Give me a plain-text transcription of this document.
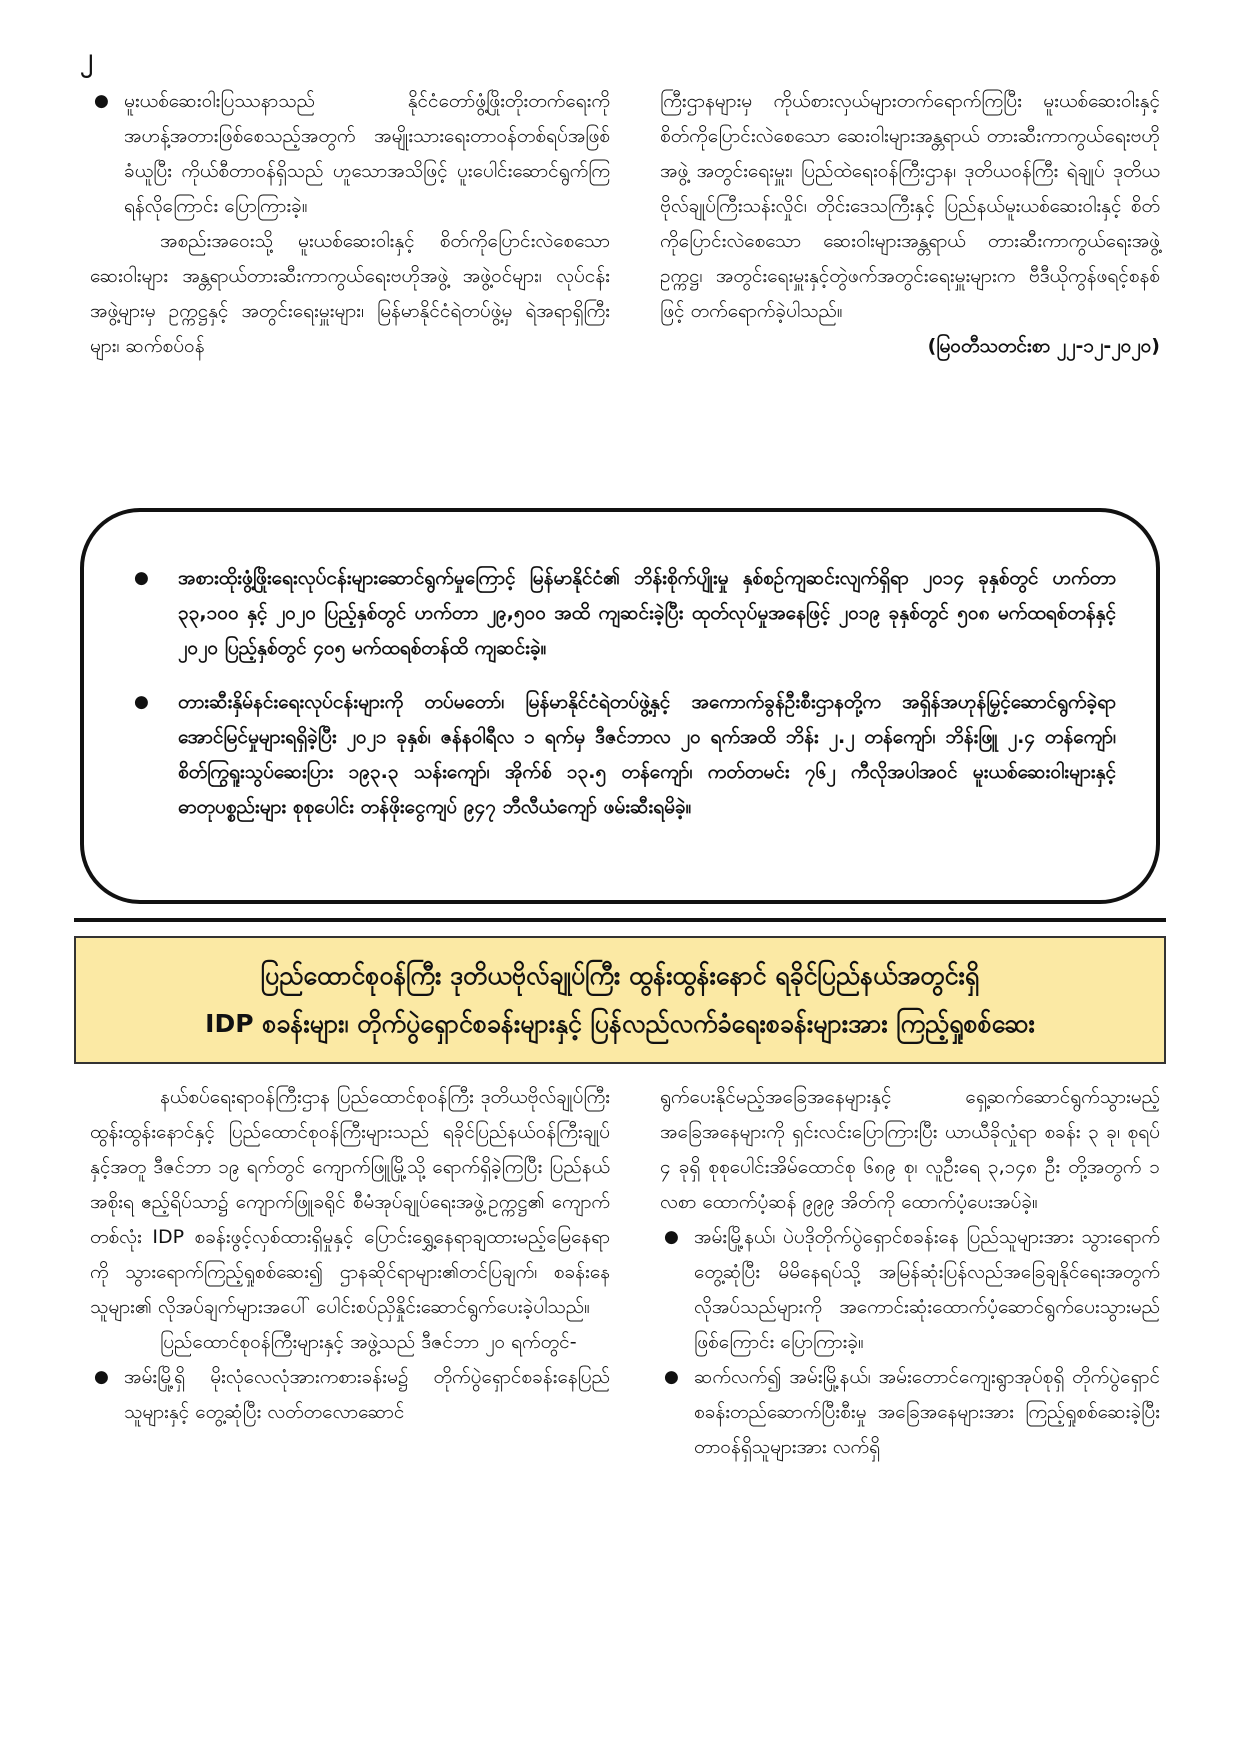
၂

● မူးယစ်ဆေးဝါးပြဿနာသည် နိုင်ငံတော်ဖွံ့ဖြိုးတိုးတက်ရေးကို အဟန့်အတားဖြစ်စေသည့်အတွက် အမျိုးသားရေးတာဝန်တစ်ရပ်အဖြစ်ခံယူပြီး ကိုယ်စီတာဝန်ရှိသည် ဟူသောအသိဖြင့် ပူးပေါင်းဆောင်ရွက်ကြရန်လိုကြောင်း ပြောကြားခဲ့။

အစည်းအဝေးသို့ မူးယစ်ဆေးဝါးနှင့် စိတ်ကိုပြောင်းလဲစေသောဆေးဝါးများ အန္တရာယ်တားဆီးကာကွယ်ရေးဗဟိုအဖွဲ့ အဖွဲ့ဝင်များ၊ လုပ်ငန်းအဖွဲ့များမှ ဥက္ကဋ္ဌနှင့် အတွင်းရေးမှူးများ၊ မြန်မာနိုင်ငံရဲတပ်ဖွဲ့မှ ရဲအရာရှိကြီးများ၊ ဆက်စပ်ဝန်

ကြီးဌာနများမှ ကိုယ်စားလှယ်များတက်ရောက်ကြပြီး မူးယစ်ဆေးဝါးနှင့် စိတ်ကိုပြောင်းလဲစေသော ဆေးဝါးများအန္တရာယ် တားဆီးကာကွယ်ရေးဗဟိုအဖွဲ့ အတွင်းရေးမှူး၊ ပြည်ထဲရေးဝန်ကြီးဌာန၊ ဒုတိယဝန်ကြီး ရဲချုပ် ဒုတိယဗိုလ်ချုပ်ကြီးသန်းလှိုင်၊ တိုင်းဒေသကြီးနှင့် ပြည်နယ်မူးယစ်ဆေးဝါးနှင့် စိတ်ကိုပြောင်းလဲစေသော ဆေးဝါးများအန္တရာယ် တားဆီးကာကွယ်ရေးအဖွဲ့ ဥက္ကဋ္ဌ၊ အတွင်းရေးမှူးနှင့်တွဲဖက်အတွင်းရေးမှူးများက ဗီဒီယိုကွန်ဖရင့်စနစ်ဖြင့် တက်ရောက်ခဲ့ပါသည်။

(မြဝတီသတင်းစာ ၂၂-၁၂-၂၀၂၀)

● အစားထိုးဖွံ့ဖြိုးရေးလုပ်ငန်းများဆောင်ရွက်မှုကြောင့် မြန်မာနိုင်ငံ၏ ဘိန်းစိုက်ပျိုးမှု နှစ်စဉ်ကျဆင်းလျက်ရှိရာ ၂၀၁၄ ခုနှစ်တွင် ဟက်တာ ၃၃,၁၀၀ နှင့် ၂၀၂၀ ပြည့်နှစ်တွင် ဟက်တာ ၂၉,၅၀၀ အထိ ကျဆင်းခဲ့ပြီး ထုတ်လုပ်မှုအနေဖြင့် ၂၀၁၉ ခုနှစ်တွင် ၅၀၈ မက်ထရစ်တန်နှင့် ၂၀၂၀ ပြည့်နှစ်တွင် ၄၀၅ မက်ထရစ်တန်ထိ ကျဆင်းခဲ့။

● တားဆီးနှိမ်နင်းရေးလုပ်ငန်းများကို တပ်မတော်၊ မြန်မာနိုင်ငံရဲတပ်ဖွဲ့နှင့် အကောက်ခွန်ဦးစီးဌာနတို့က အရှိန်အဟုန်မြှင့်ဆောင်ရွက်ခဲ့ရာ အောင်မြင်မှုများရရှိခဲ့ပြီး ၂၀၂၁ ခုနှစ်၊ ဇန်နဝါရီလ ၁ ရက်မှ ဒီဇင်ဘာလ ၂၀ ရက်အထိ ဘိန်း ၂.၂ တန်ကျော်၊ ဘိန်းဖြူ ၂.၄ တန်ကျော်၊ စိတ်ကြွရူးသွပ်ဆေးပြား ၁၉၃.၃ သန်းကျော်၊ အိုက်စ် ၁၃.၅ တန်ကျော်၊ ကတ်တမင်း ၇၆၂ ကီလိုအပါအဝင် မူးယစ်ဆေးဝါးများနှင့် ဓာတုပစ္စည်းများ စုစုပေါင်း တန်ဖိုးငွေကျပ် ၉၄၇ ဘီလီယံကျော် ဖမ်းဆီးရမိခဲ့။

ပြည်ထောင်စုဝန်ကြီး ဒုတိယဗိုလ်ချုပ်ကြီး ထွန်းထွန်းနောင် ရခိုင်ပြည်နယ်အတွင်းရှိ
IDP စခန်းများ၊ တိုက်ပွဲရှောင်စခန်းများနှင့် ပြန်လည်လက်ခံရေးစခန်းများအား ကြည့်ရှုစစ်ဆေး

နယ်စပ်ရေးရာဝန်ကြီးဌာန ပြည်ထောင်စုဝန်ကြီး ဒုတိယဗိုလ်ချုပ်ကြီးထွန်းထွန်းနောင်နှင့် ပြည်ထောင်စုဝန်ကြီးများသည် ရခိုင်ပြည်နယ်ဝန်ကြီးချုပ်နှင့်အတူ ဒီဇင်ဘာ ၁၉ ရက်တွင် ကျောက်ဖြူမြို့သို့ ရောက်ရှိခဲ့ကြပြီး ပြည်နယ်အစိုးရ ဧည့်ရိပ်သာ၌ ကျောက်ဖြူခရိုင် စီမံအုပ်ချုပ်ရေးအဖွဲ့ဥက္ကဋ္ဌ၏ ကျောက်တစ်လုံး IDP စခန်းဖွင့်လှစ်ထားရှိမှုနှင့် ပြောင်းရွှေ့နေရာချထားမည့်မြေနေရာကို သွားရောက်ကြည့်ရှုစစ်ဆေး၍ ဌာနဆိုင်ရာများ၏တင်ပြချက်၊ စခန်းနေသူများ၏ လိုအပ်ချက်များအပေါ် ပေါင်းစပ်ညှိနှိုင်းဆောင်ရွက်ပေးခဲ့ပါသည်။

ပြည်ထောင်စုဝန်ကြီးများနှင့် အဖွဲ့သည် ဒီဇင်ဘာ ၂၀ ရက်တွင်-

● အမ်းမြို့ရှိ မိုးလုံလေလုံအားကစားခန်းမ၌ တိုက်ပွဲရှောင်စခန်းနေပြည်သူများနှင့် တွေ့ဆုံပြီး လတ်တလောဆောင်

ရွက်ပေးနိုင်မည့်အခြေအနေများနှင့် ရှေ့ဆက်ဆောင်ရွက်သွားမည့်အခြေအနေများကို ရှင်းလင်းပြောကြားပြီး ယာယီခိုလှုံရာ စခန်း ၃ ခု၊ စုရပ် ၄ ခုရှိ စုစုပေါင်းအိမ်ထောင်စု ၆၈၉ စု၊ လူဦးရေ ၃,၁၄၈ ဦး တို့အတွက် ၁ လစာ ထောက်ပံ့ဆန် ၉၉၉ အိတ်ကို ထောက်ပံ့ပေးအပ်ခဲ့။

● အမ်းမြို့နယ်၊ ပဲပဒိုတိုက်ပွဲရှောင်စခန်းနေ ပြည်သူများအား သွားရောက်တွေ့ဆုံပြီး မိမိနေရပ်သို့ အမြန်ဆုံးပြန်လည်အခြေချနိုင်ရေးအတွက် လိုအပ်သည်များကို အကောင်းဆုံးထောက်ပံ့ဆောင်ရွက်ပေးသွားမည်ဖြစ်ကြောင်း ပြောကြားခဲ့။

● ဆက်လက်၍ အမ်းမြို့နယ်၊ အမ်းတောင်ကျေးရွာအုပ်စုရှိ တိုက်ပွဲရှောင်စခန်းတည်ဆောက်ပြီးစီးမှု အခြေအနေများအား ကြည့်ရှုစစ်ဆေးခဲ့ပြီး တာဝန်ရှိသူများအား လက်ရှိ
